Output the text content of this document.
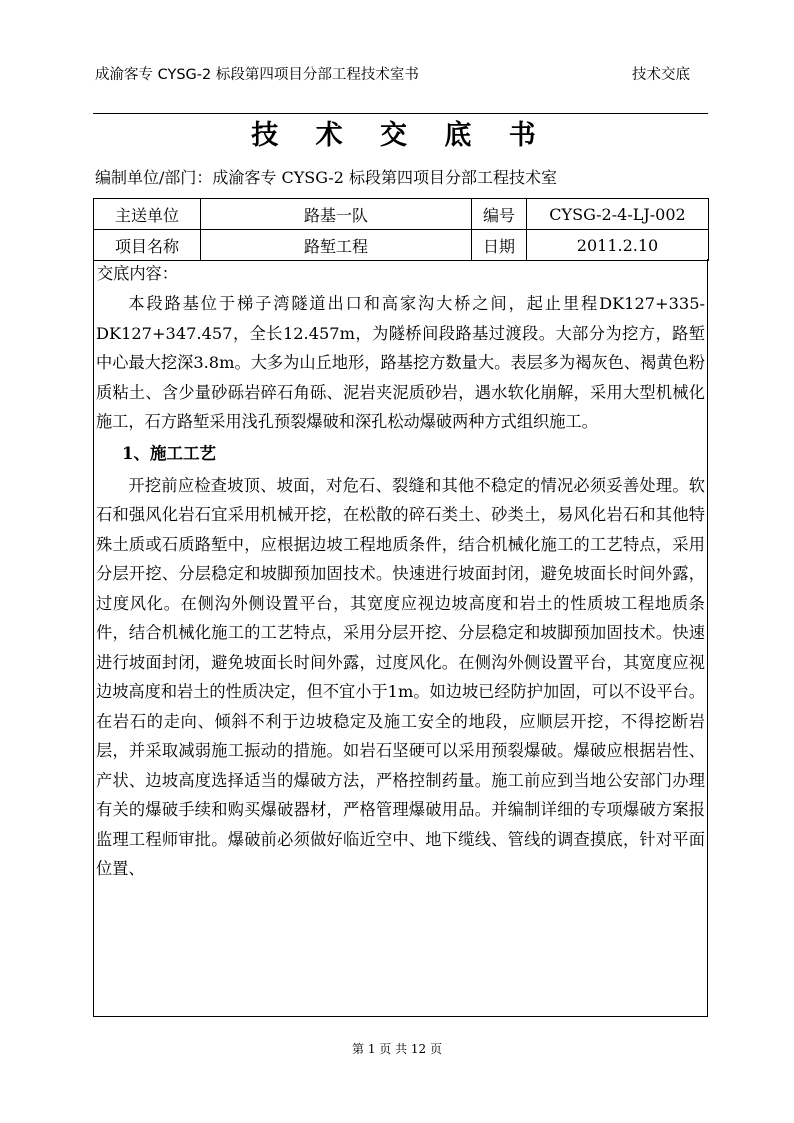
成渝客专 CYSG-2 标段第四项目分部工程技术室书	技术交底
技 术 交 底 书
编制单位/部门：成渝客专 CYSG-2 标段第四项目分部工程技术室
主送单位	路基一队	编号	CYSG-2-4-LJ-002
项目名称	路堑工程	日期	2011.2.10
交底内容：

本段路基位于梯子湾隧道出口和高家沟大桥之间，起止里程DK127+335-DK127+347.457，全长12.457m，为隧桥间段路基过渡段。大部分为挖方，路堑中心最大挖深3.8m。大多为山丘地形，路基挖方数量大。表层多为褐灰色、褐黄色粉质粘土、含少量砂砾岩碎石角砾、泥岩夹泥质砂岩，遇水软化崩解，采用大型机械化施工，石方路堑采用浅孔预裂爆破和深孔松动爆破两种方式组织施工。

1、施工工艺

开挖前应检查坡顶、坡面，对危石、裂缝和其他不稳定的情况必须妥善处理。软石和强风化岩石宜采用机械开挖，在松散的碎石类土、砂类土，易风化岩石和其他特殊土质或石质路堑中，应根据边坡工程地质条件，结合机械化施工的工艺特点，采用分层开挖、分层稳定和坡脚预加固技术。快速进行坡面封闭，避免坡面长时间外露，过度风化。在侧沟外侧设置平台，其宽度应视边坡高度和岩土的性质坡工程地质条件，结合机械化施工的工艺特点，采用分层开挖、分层稳定和坡脚预加固技术。快速进行坡面封闭，避免坡面长时间外露，过度风化。在侧沟外侧设置平台，其宽度应视边坡高度和岩土的性质决定，但不宜小于1m。如边坡已经防护加固，可以不设平台。在岩石的走向、倾斜不利于边坡稳定及施工安全的地段，应顺层开挖，不得挖断岩层，并采取减弱施工振动的措施。如岩石坚硬可以采用预裂爆破。爆破应根据岩性、产状、边坡高度选择适当的爆破方法，严格控制药量。施工前应到当地公安部门办理有关的爆破手续和购买爆破器材，严格管理爆破用品。并编制详细的专项爆破方案报监理工程师审批。爆破前必须做好临近空中、地下缆线、管线的调查摸底，针对平面位置、

第 1 页 共 12 页
